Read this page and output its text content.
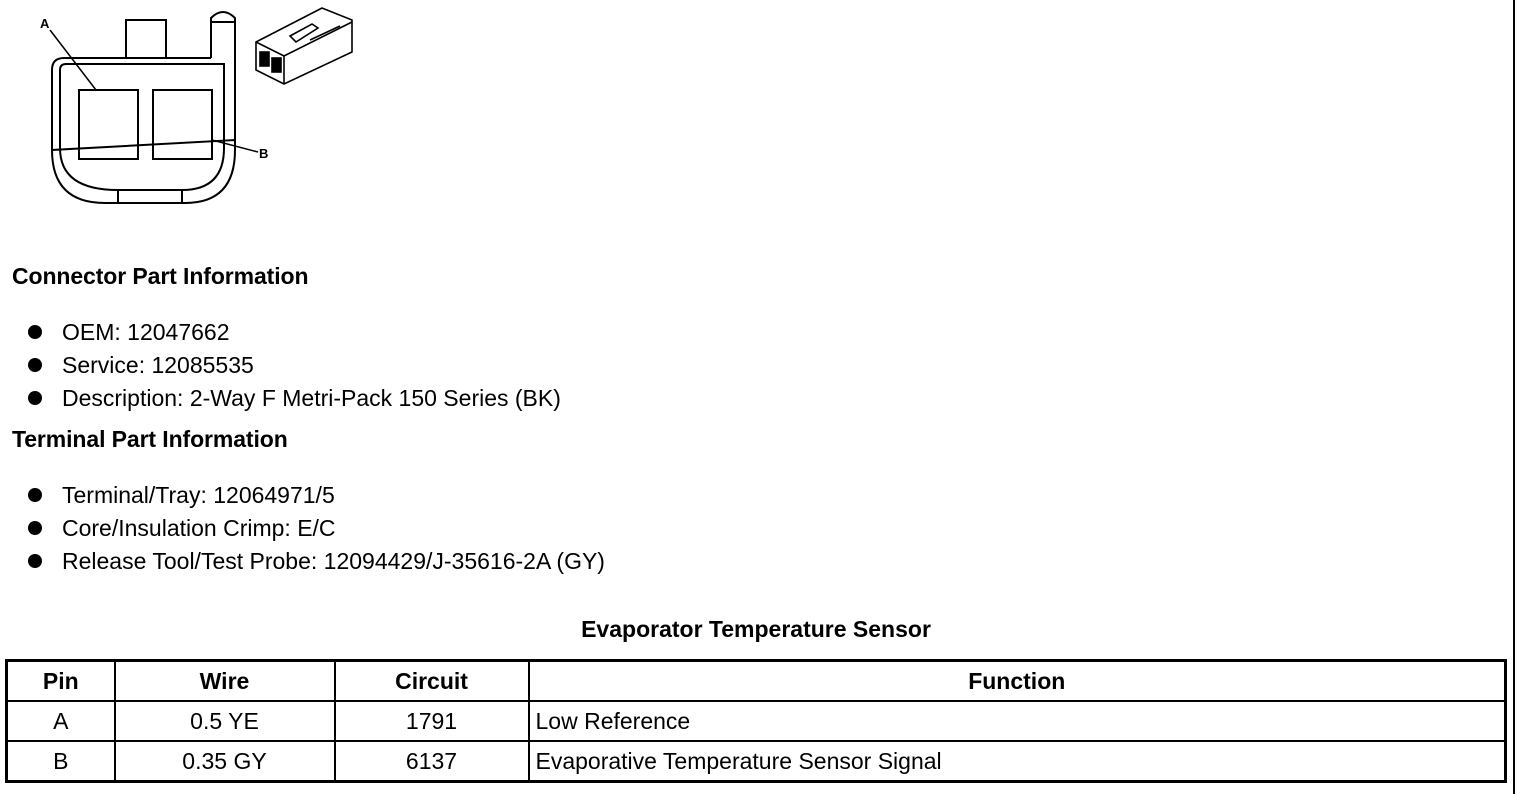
A
B
Connector Part Information
OEM: 12047662
Service: 12085535
Description: 2-Way F Metri-Pack 150 Series (BK)
Terminal Part Information
Terminal/Tray: 12064971/5
Core/Insulation Crimp: E/C
Release Tool/Test Probe: 12094429/J-35616-2A (GY)
Evaporator Temperature Sensor
Pin	Wire	Circuit	Function
A	0.5 YE	1791	Low Reference
B	0.35 GY	6137	Evaporative Temperature Sensor Signal
